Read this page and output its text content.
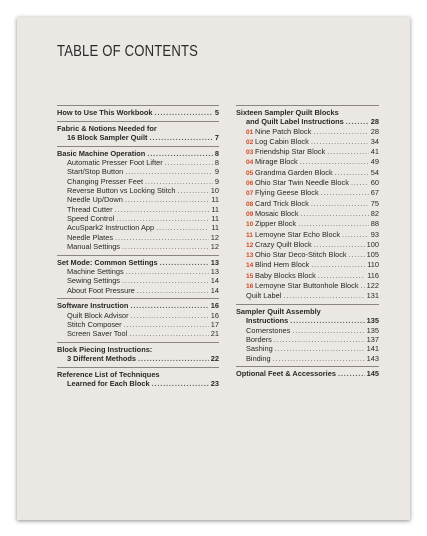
TABLE OF CONTENTS
How to Use This Workbook . . .	5
Fabric & Notions Needed for
16 Block Sampler Quilt . . .	7
Basic Machine Operation . . .	8
Automatic Presser Foot Lifter . . .	8
Start/Stop Button . . .	9
Changing Presser Feet . . .	9
Reverse Button vs Locking Stitch . . .	10
Needle Up/Down . . .	11
Thread Cutter . . .	11
Speed Control . . .	11
AcuSpark2 Instruction App . . .	11
Needle Plates . . .	12
Manual Settings . . .	12
Set Mode: Common Settings . . .	13
Machine Settings . . .	13
Sewing Settings . . .	14
About Foot Pressure . . .	14
Software Instruction . . .	16
Quilt Block Advisor . . .	16
Stitch Composer . . .	17
Screen Saver Tool . . .	21
Block Piecing Instructions:
3 Different Methods . . .	22
Reference List of Techniques
Learned for Each Block . . .	23
Sixteen Sampler Quilt Blocks
and Quilt Label Instructions . . .	28
01 Nine Patch Block . . .	28
02 Log Cabin Block . . .	34
03 Friendship Star Block . . .	41
04 Mirage Block . . .	49
05 Grandma Garden Block . . .	54
06 Ohio Star Twin Needle Block . . .	60
07 Flying Geese Block . . .	67
08 Card Trick Block . . .	75
09 Mosaic Block . . .	82
10 Zipper Block . . .	88
11 Lemoyne Star Echo Block . . .	93
12 Crazy Quilt Block . . .	100
13 Ohio Star Deco-Stitch Block . . .	105
14 Blind Hem Block . . .	110
15 Baby Blocks Block . . .	116
16 Lemoyne Star Buttonhole Block . . . 122
Quilt Label . . .	131
Sampler Quilt Assembly
Instructions . . .	135
Cornerstones . . .	135
Borders . . .	137
Sashing . . .	141
Binding . . .	143
Optional Feet & Accessories . . .	145
